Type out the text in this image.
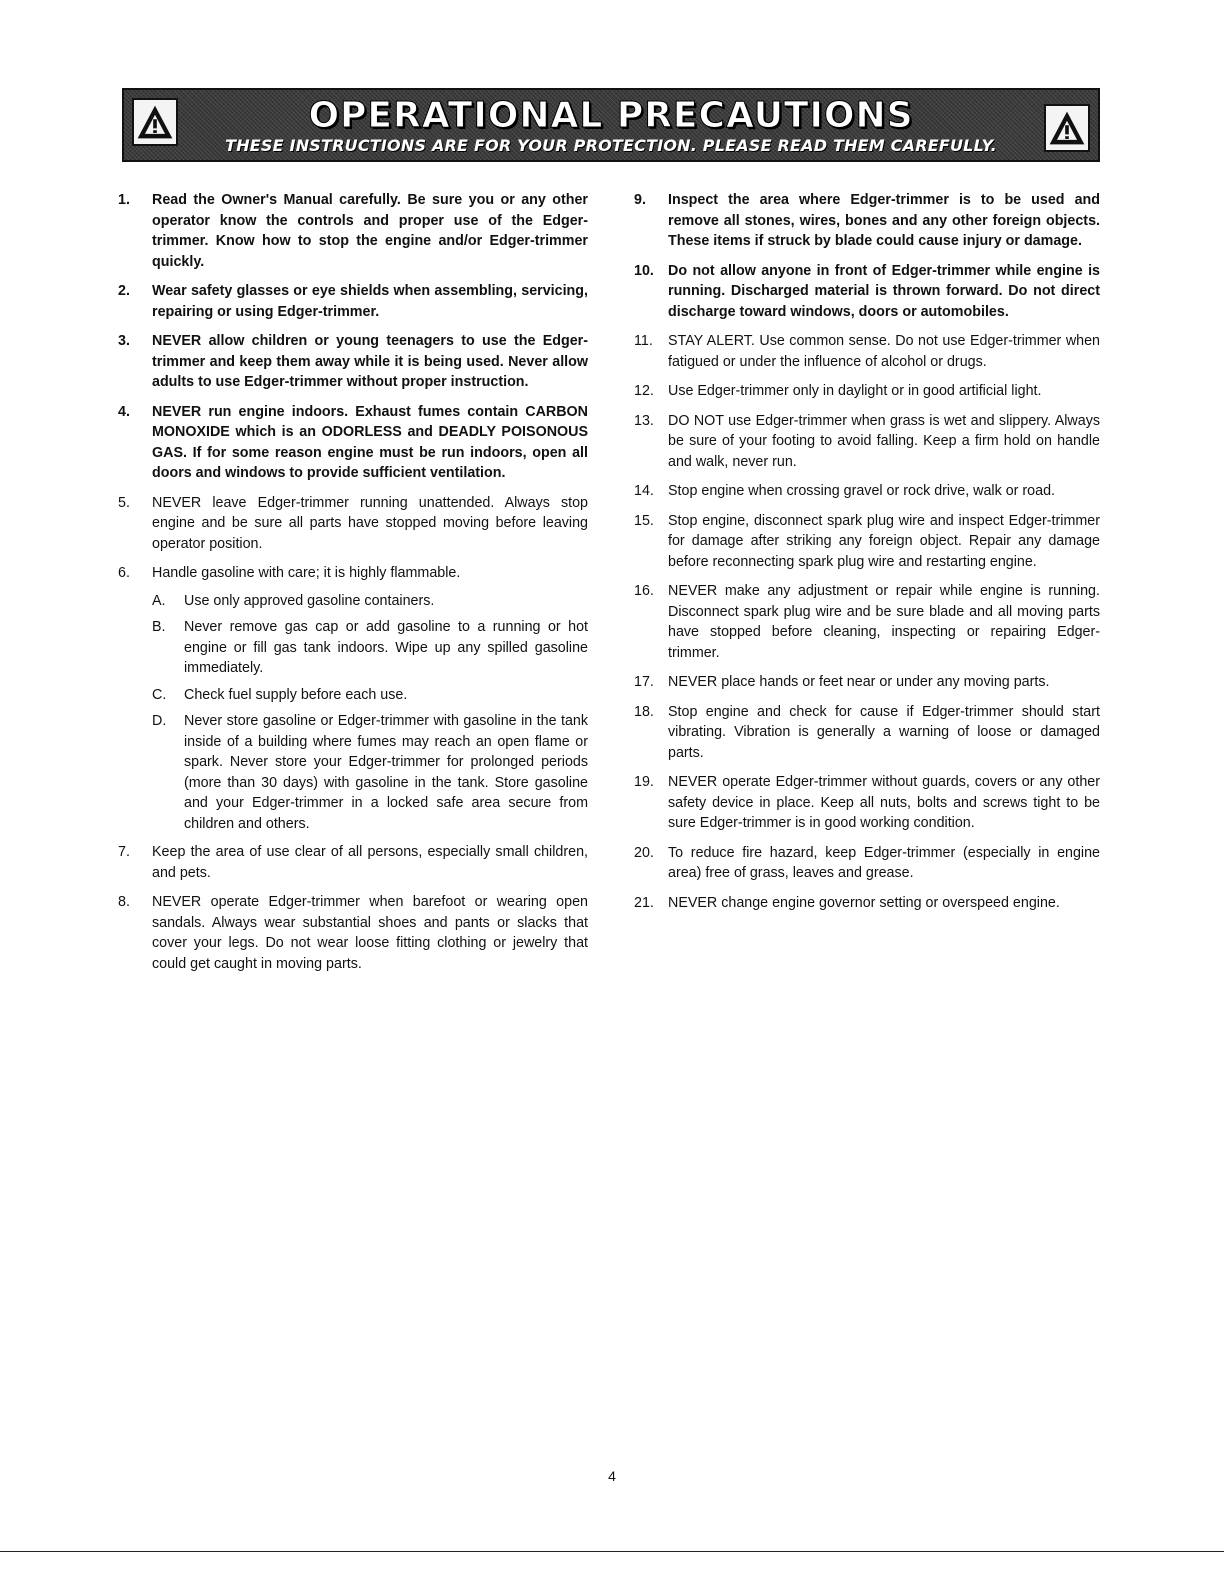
OPERATIONAL PRECAUTIONS
THESE INSTRUCTIONS ARE FOR YOUR PROTECTION. PLEASE READ THEM CAREFULLY.
1.	Read the Owner's Manual carefully. Be sure you or any other operator know the controls and proper use of the Edger-trimmer. Know how to stop the engine and/or Edger-trimmer quickly.
2.	Wear safety glasses or eye shields when assembling, servicing, repairing or using Edger-trimmer.
3.	NEVER allow children or young teenagers to use the Edger-trimmer and keep them away while it is being used. Never allow adults to use Edger-trimmer without proper instruction.
4.	NEVER run engine indoors. Exhaust fumes contain CARBON MONOXIDE which is an ODORLESS and DEADLY POISONOUS GAS. If for some reason engine must be run indoors, open all doors and windows to provide sufficient ventilation.
5.	NEVER leave Edger-trimmer running unattended. Always stop engine and be sure all parts have stopped moving before leaving operator position.
6.	Handle gasoline with care; it is highly flammable.
A.	Use only approved gasoline containers.
B.	Never remove gas cap or add gasoline to a running or hot engine or fill gas tank indoors. Wipe up any spilled gasoline immediately.
C.	Check fuel supply before each use.
D.	Never store gasoline or Edger-trimmer with gasoline in the tank inside of a building where fumes may reach an open flame or spark. Never store your Edger-trimmer for prolonged periods (more than 30 days) with gasoline in the tank. Store gasoline and your Edger-trimmer in a locked safe area secure from children and others.
7.	Keep the area of use clear of all persons, especially small children, and pets.
8.	NEVER operate Edger-trimmer when barefoot or wearing open sandals. Always wear substantial shoes and pants or slacks that cover your legs. Do not wear loose fitting clothing or jewelry that could get caught in moving parts.
9.	Inspect the area where Edger-trimmer is to be used and remove all stones, wires, bones and any other foreign objects. These items if struck by blade could cause injury or damage.
10. Do not allow anyone in front of Edger-trimmer while engine is running. Discharged material is thrown forward. Do not direct discharge toward windows, doors or automobiles.
11.	STAY ALERT. Use common sense. Do not use Edger-trimmer when fatigued or under the influence of alcohol or drugs.
12. Use Edger-trimmer only in daylight or in good artificial light.
13. DO NOT use Edger-trimmer when grass is wet and slippery. Always be sure of your footing to avoid falling. Keep a firm hold on handle and walk, never run.
14. Stop engine when crossing gravel or rock drive, walk or road.
15. Stop engine, disconnect spark plug wire and inspect Edger-trimmer for damage after striking any foreign object. Repair any damage before reconnecting spark plug wire and restarting engine.
16. NEVER make any adjustment or repair while engine is running. Disconnect spark plug wire and be sure blade and all moving parts have stopped before cleaning, inspecting or repairing Edger-trimmer.
17. NEVER place hands or feet near or under any moving parts.
18. Stop engine and check for cause if Edger-trimmer should start vibrating. Vibration is generally a warning of loose or damaged parts.
19. NEVER operate Edger-trimmer without guards, covers or any other safety device in place. Keep all nuts, bolts and screws tight to be sure Edger-trimmer is in good working condition.
20. To reduce fire hazard, keep Edger-trimmer (especially in engine area) free of grass, leaves and grease.
21. NEVER change engine governor setting or overspeed engine.
4
